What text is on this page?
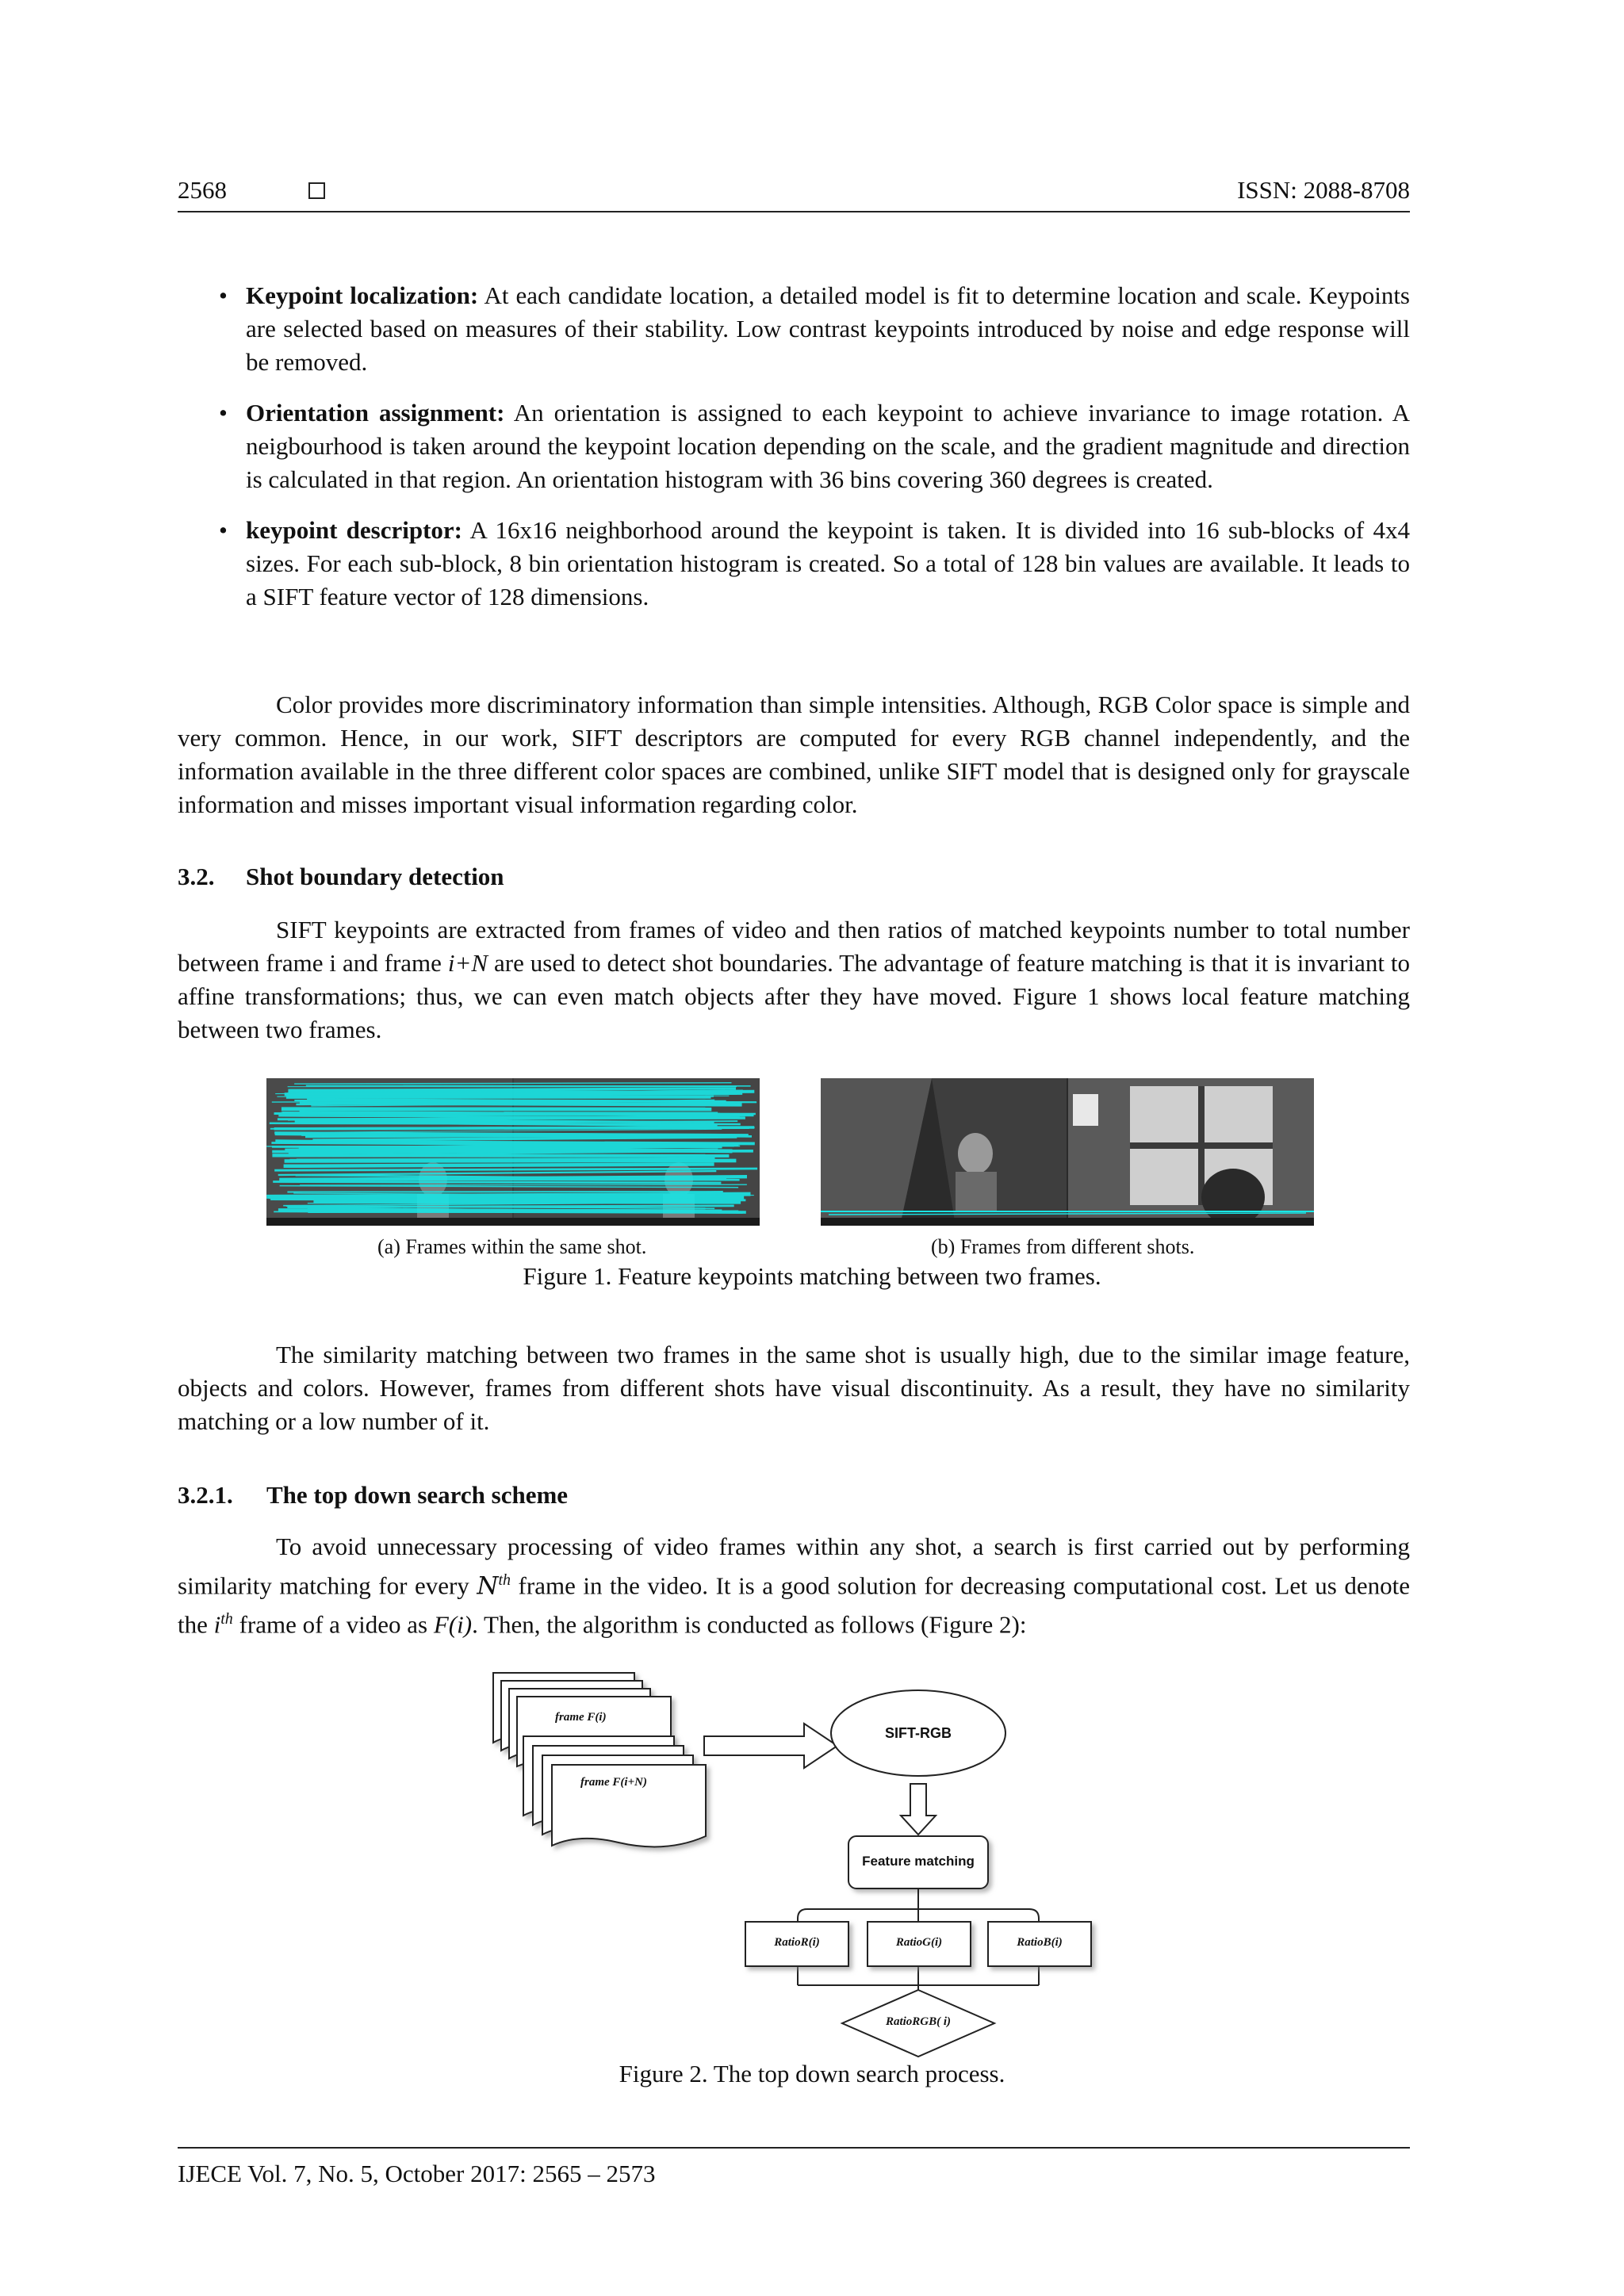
2568	ISSN: 2088-8708
• Keypoint localization: At each candidate location, a detailed model is fit to determine location and scale. Keypoints are selected based on measures of their stability. Low contrast keypoints introduced by noise and edge response will be removed.
• Orientation assignment: An orientation is assigned to each keypoint to achieve invariance to image rotation. A neigbourhood is taken around the keypoint location depending on the scale, and the gradient magnitude and direction is calculated in that region. An orientation histogram with 36 bins covering 360 degrees is created.
• keypoint descriptor: A 16x16 neighborhood around the keypoint is taken. It is divided into 16 sub-blocks of 4x4 sizes. For each sub-block, 8 bin orientation histogram is created. So a total of 128 bin values are available. It leads to a SIFT feature vector of 128 dimensions.
Color provides more discriminatory information than simple intensities. Although, RGB Color space is simple and very common. Hence, in our work, SIFT descriptors are computed for every RGB channel independently, and the information available in the three different color spaces are combined, unlike SIFT model that is designed only for grayscale information and misses important visual information regarding color.
3.2. Shot boundary detection
SIFT keypoints are extracted from frames of video and then ratios of matched keypoints number to total number between frame i and frame i+N are used to detect shot boundaries. The advantage of feature matching is that it is invariant to affine transformations; thus, we can even match objects after they have moved. Figure 1 shows local feature matching between two frames.
(a) Frames within the same shot.	(b) Frames from different shots.
Figure 1. Feature keypoints matching between two frames.
The similarity matching between two frames in the same shot is usually high, due to the similar image feature, objects and colors. However, frames from different shots have visual discontinuity. As a result, they have no similarity matching or a low number of it.
3.2.1. The top down search scheme
To avoid unnecessary processing of video frames within any shot, a search is first carried out by performing similarity matching for every $N^{th}$ frame in the video. It is a good solution for decreasing computational cost. Let us denote the $i^{th}$ frame of a video as F(i). Then, the algorithm is conducted as follows (Figure 2):
frame F(i)
frame F(i+N)
SIFT-RGB
Feature matching
RatioR(i)	RatioG(i)	RatioB(i)
RatioRGB( i)
Figure 2. The top down search process.
IJECE Vol. 7, No. 5, October 2017: 2565 – 2573
